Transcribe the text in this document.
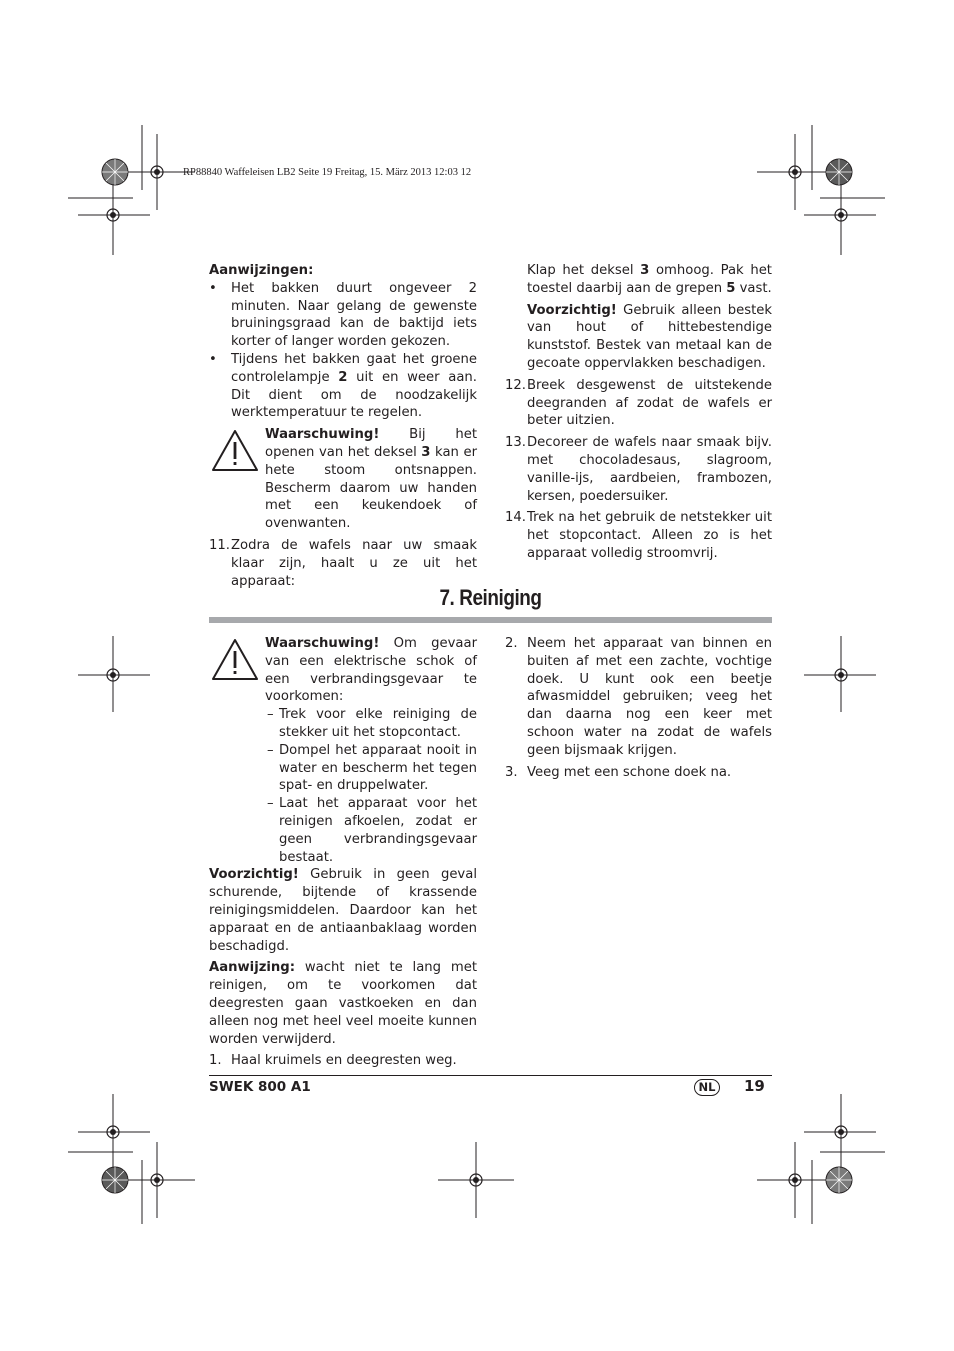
RP88840 Waffeleisen LB2 Seite 19 Freitag, 15. März 2013 12:03 12

Aanwijzingen:

• Het bakken duurt ongeveer 2 minuten. Naar gelang de gewenste bruiningsgraad kan de baktijd iets korter of langer worden gekozen.

• Tijdens het bakken gaat het groene controlelampje 2 uit en weer aan. Dit dient om de noodzakelijk werktemperatuur te regelen.

Waarschuwing! Bij het openen van het deksel 3 kan er hete stoom ontsnappen. Bescherm daarom uw handen met een keukendoek of ovenwanten.

11. Zodra de wafels naar uw smaak klaar zijn, haalt u ze uit het apparaat:

Klap het deksel 3 omhoog. Pak het toestel daarbij aan de grepen 5 vast.

Voorzichtig! Gebruik alleen bestek van hout of hittebestendige kunststof. Bestek van metaal kan de gecoate oppervlakken beschadigen.

12. Breek desgewenst de uitstekende deegranden af zodat de wafels er beter uitzien.

13. Decoreer de wafels naar smaak bijv. met chocoladesaus, slagroom, vanille-ijs, aardbeien, frambozen, kersen, poedersuiker.

14. Trek na het gebruik de netstekker uit het stopcontact. Alleen zo is het apparaat volledig stroomvrij.

7. Reiniging

Waarschuwing! Om gevaar van een elektrische schok of een verbrandingsgevaar te voorkomen:

– Trek voor elke reiniging de stekker uit het stopcontact.

– Dompel het apparaat nooit in water en bescherm het tegen spat- en druppelwater.

– Laat het apparaat voor het reinigen afkoelen, zodat er geen verbrandingsgevaar bestaat.

Voorzichtig! Gebruik in geen geval schurende, bijtende of krassende reinigingsmiddelen. Daardoor kan het apparaat en de antiaanbaklaag worden beschadigd.

Aanwijzing: wacht niet te lang met reinigen, om te voorkomen dat deegresten gaan vastkoeken en dan alleen nog met heel veel moeite kunnen worden verwijderd.

1. Haal kruimels en deegresten weg.

2. Neem het apparaat van binnen en buiten af met een zachte, vochtige doek. U kunt ook een beetje afwasmiddel gebruiken; veeg het dan daarna nog een keer met schoon water na zodat de wafels geen bijsmaak krijgen.

3. Veeg met een schone doek na.

SWEK 800 A1	NL	19
